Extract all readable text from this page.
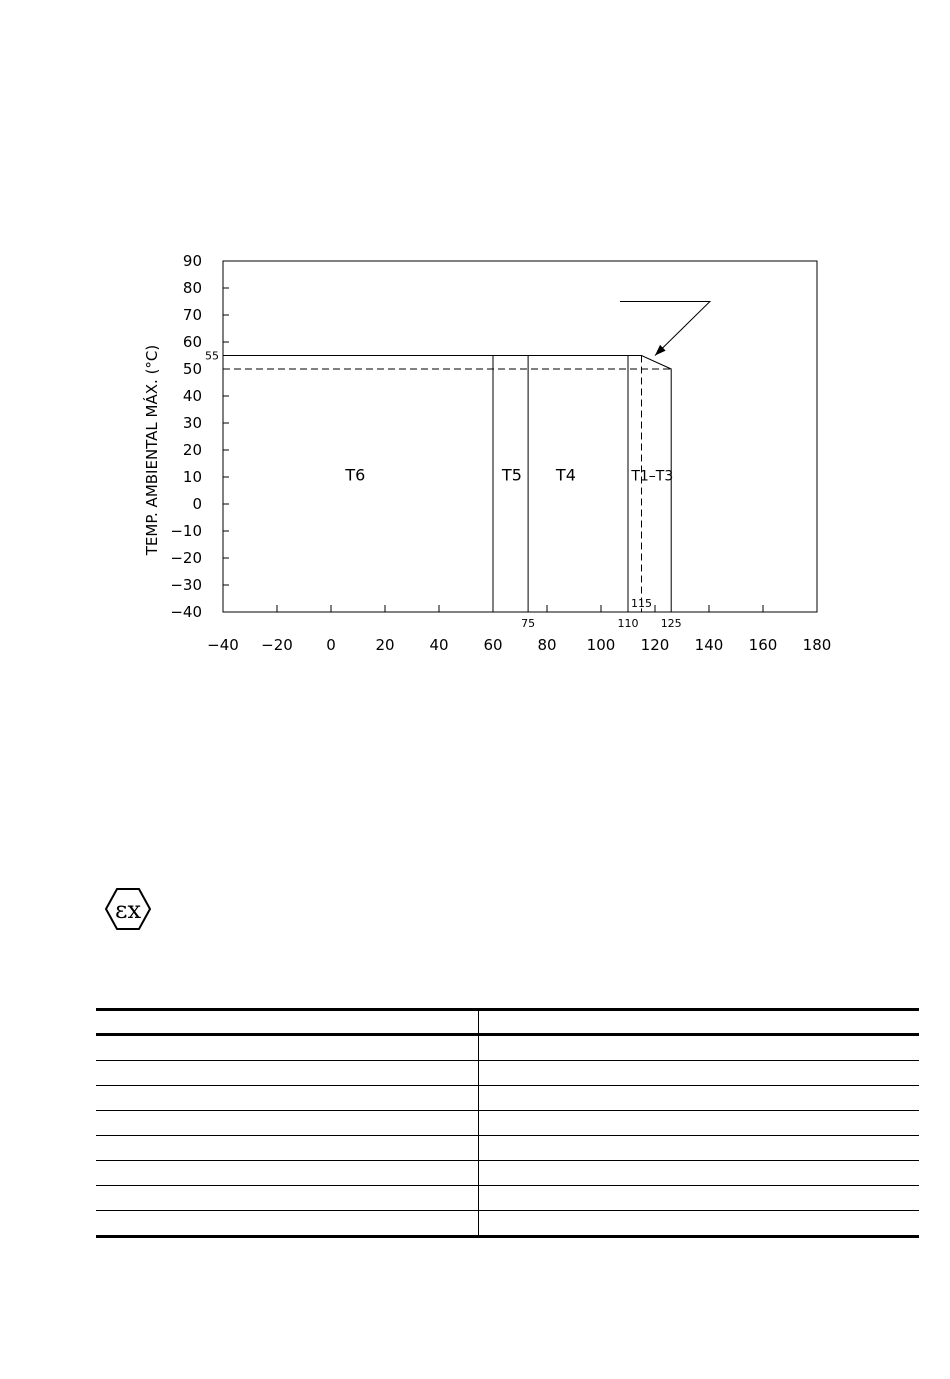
−40 −20 0	20 40 60 80 100 120 140 160 180
90
80
70
60
50
40
30
20
10
0
−10
−20
−30
−40
TEMP. AMBIENTAL MÁX. (°C)	T6	T5 T4	T1–T3
55
75	110
115
125
εx
